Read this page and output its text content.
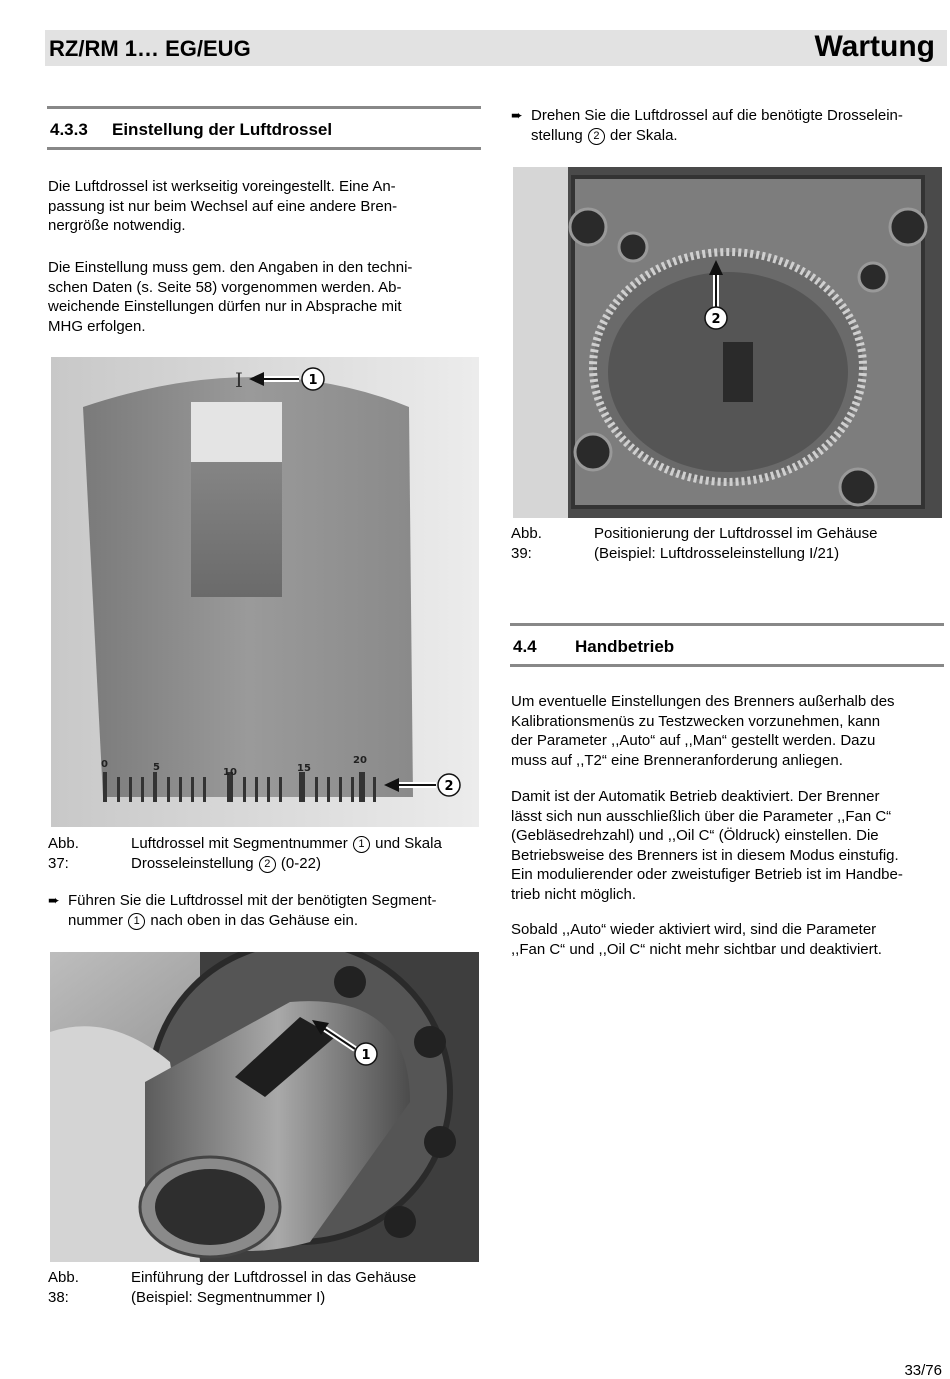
RZ/RM 1… EG/EUG	Wartung
4.3.3 Einstellung der Luftdrossel

Die Luftdrossel ist werkseitig voreingestellt. Eine An-
passung ist nur beim Wechsel auf eine andere Bren-
nergröße notwendig.

Die Einstellung muss gem. den Angaben in den techni-
schen Daten (s. Seite 58) vorgenommen werden. Ab-
weichende Einstellungen dürfen nur in Absprache mit
MHG erfolgen.

0	5	10	15
20
I	1
2
Abb. 37:
Luftdrossel mit Segmentnummer 1 und Skala
Drosseleinstellung 2 (0-22)
➨ Führen Sie die Luftdrossel mit der benötigten Segment-
nummer 1 nach oben in das Gehäuse ein.
1
Abb. 38:
Einführung der Luftdrossel in das Gehäuse
(Beispiel: Segmentnummer I)
➨ Drehen Sie die Luftdrossel auf die benötigte Drosselein-
stellung 2 der Skala.
2
Abb. 39:
Positionierung der Luftdrossel im Gehäuse
(Beispiel: Luftdrosseleinstellung I/21)
4.4 Handbetrieb

Um eventuelle Einstellungen des Brenners außerhalb des
Kalibrationsmenüs zu Testzwecken vorzunehmen, kann
der Parameter ,,Auto“ auf ,,Man“ gestellt werden. Dazu
muss auf ,,T2“ eine Brenneranforderung anliegen.

Damit ist der Automatik Betrieb deaktiviert. Der Brenner
lässt sich nun ausschließlich über die Parameter ,,Fan C“
(Gebläsedrehzahl) und ,,Oil C“ (Öldruck) einstellen. Die
Betriebsweise des Brenners ist in diesem Modus einstufig.
Ein modulierender oder zweistufiger Betrieb ist im Handbe-
trieb nicht möglich.

Sobald ,,Auto“ wieder aktiviert wird, sind die Parameter
,,Fan C“ und ,,Oil C“ nicht mehr sichtbar und deaktiviert.

33/76
